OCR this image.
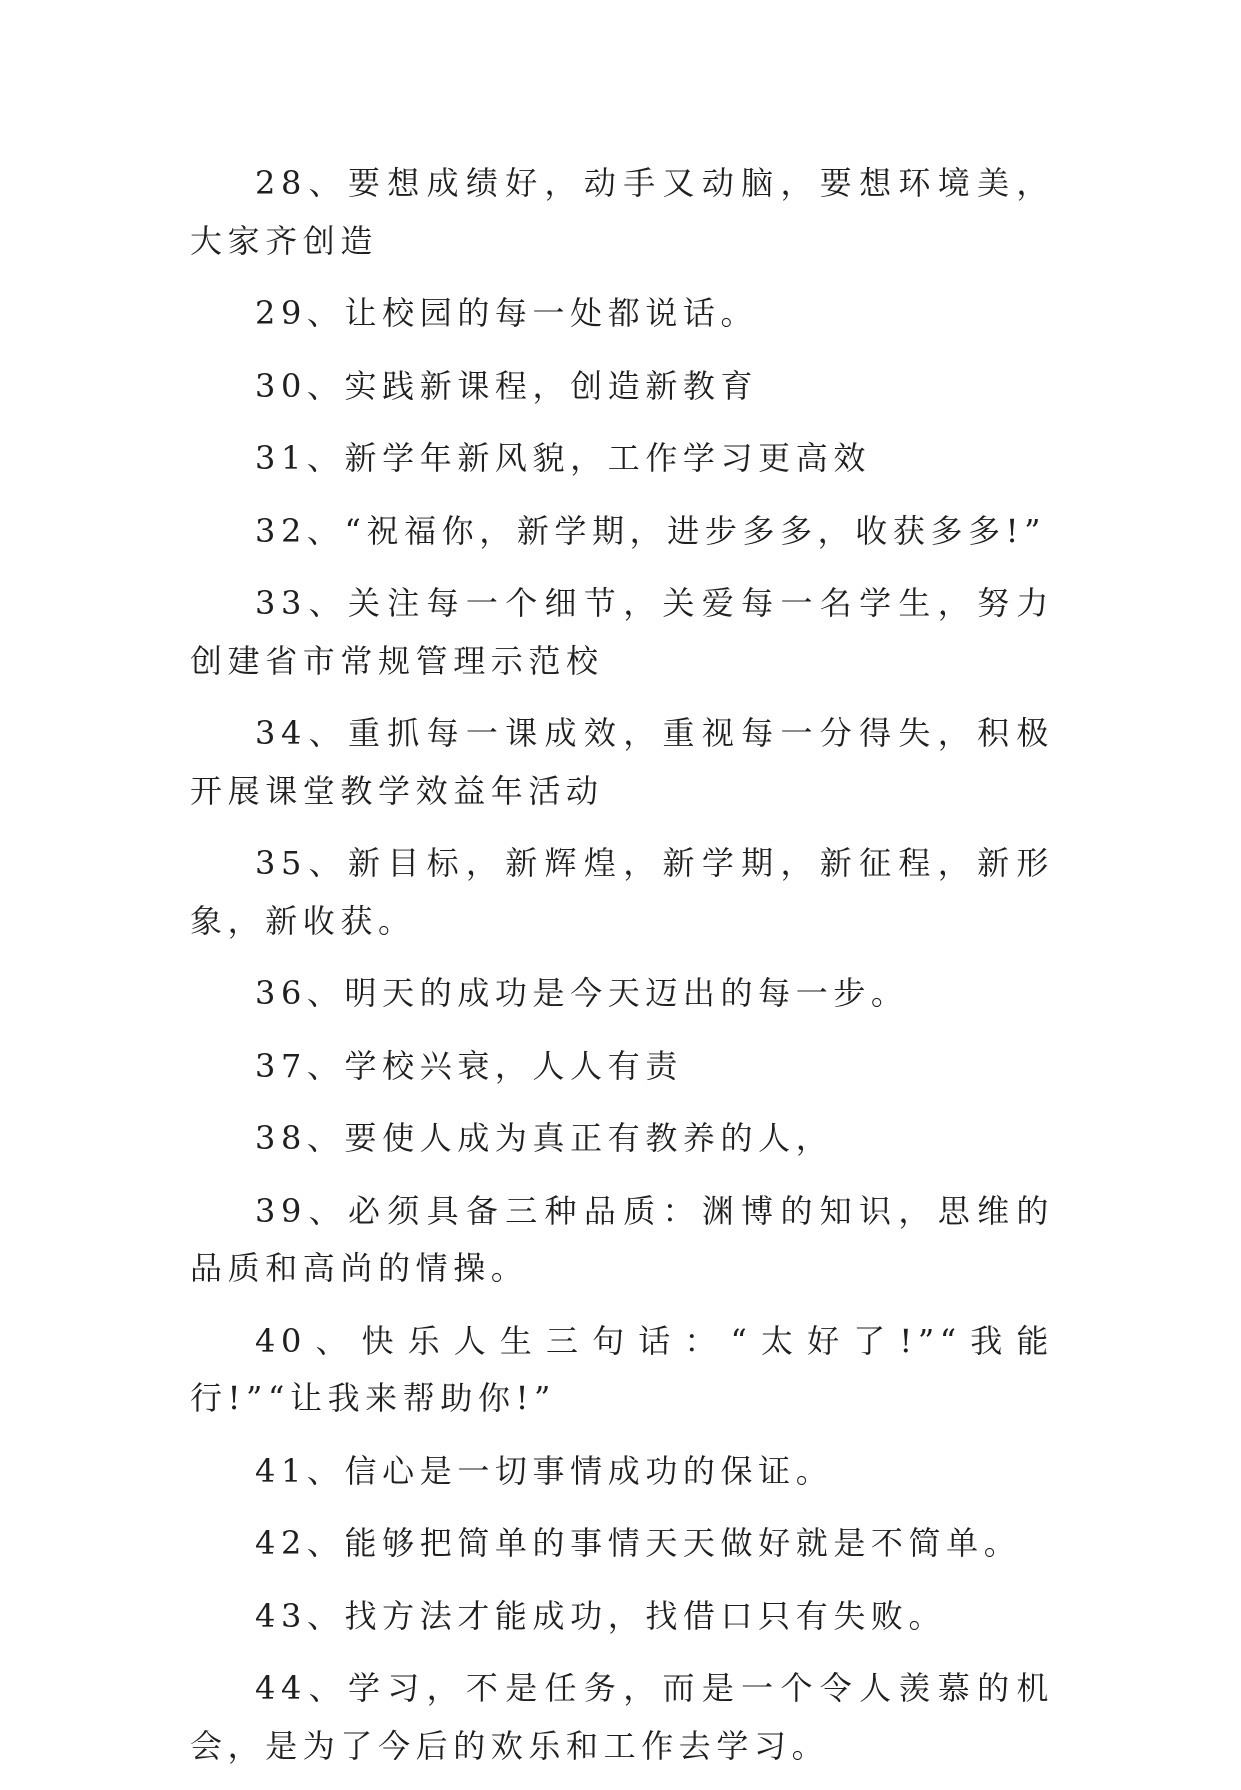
28、要想成绩好，动手又动脑，要想环境美，大家齐创造

29、让校园的每一处都说话。

30、实践新课程，创造新教育

31、新学年新风貌，工作学习更高效

32、“祝福你，新学期，进步多多，收获多多!”

33、关注每一个细节，关爱每一名学生，努力创建省市常规管理示范校

34、重抓每一课成效，重视每一分得失，积极开展课堂教学效益年活动

35、新目标，新辉煌，新学期，新征程，新形象，新收获。

36、明天的成功是今天迈出的每一步。

37、学校兴衰，人人有责

38、要使人成为真正有教养的人，

39、必须具备三种品质：渊博的知识，思维的品质和高尚的情操。

40、快乐人生三句话：“太好了!”“我能行!”“让我来帮助你!”

41、信心是一切事情成功的保证。

42、能够把简单的事情天天做好就是不简单。

43、找方法才能成功，找借口只有失败。

44、学习，不是任务，而是一个令人羡慕的机会，是为了今后的欢乐和工作去学习。
